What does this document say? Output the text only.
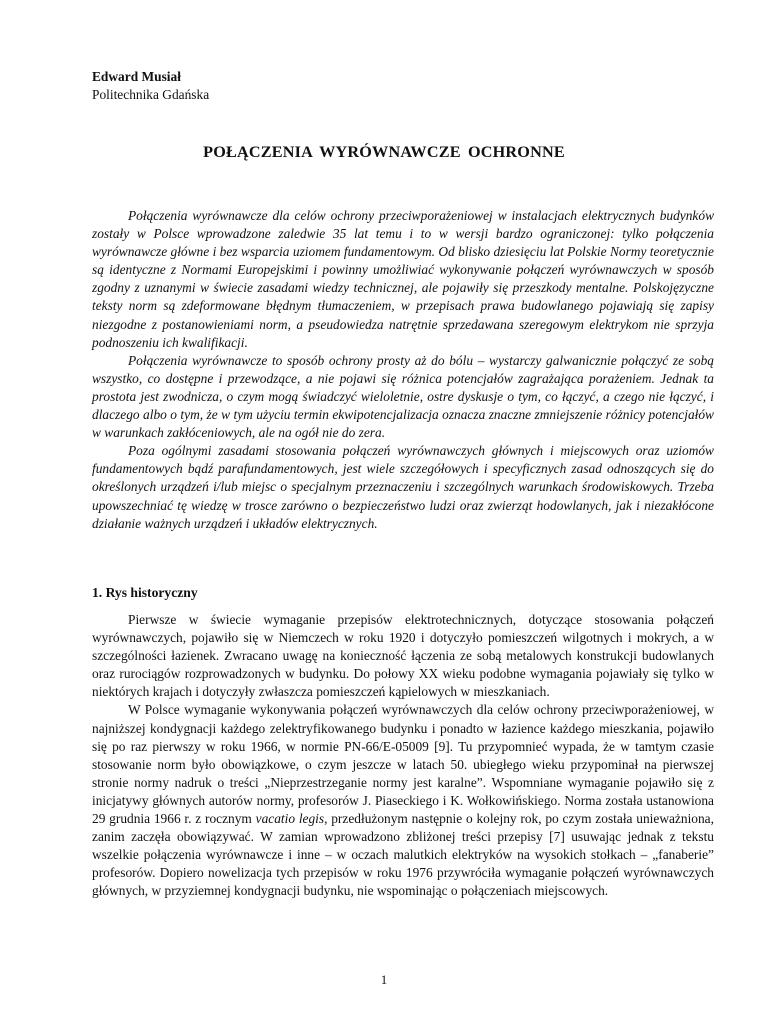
Edward Musiał
Politechnika Gdańska
POŁĄCZENIA WYRÓWNAWCZE OCHRONNE

Połączenia wyrównawcze dla celów ochrony przeciwporażeniowej w instalacjach elektrycznych budynków zostały w Polsce wprowadzone zaledwie 35 lat temu i to w wersji bardzo ograniczonej: tylko połączenia wyrównawcze główne i bez wsparcia uziomem fundamentowym. Od blisko dziesięciu lat Polskie Normy teoretycznie są identyczne z Normami Europejskimi i powinny umożliwiać wykonywanie połączeń wyrównawczych w sposób zgodny z uznanymi w świecie zasadami wiedzy technicznej, ale pojawiły się przeszkody mentalne. Polskojęzyczne teksty norm są zdeformowane błędnym tłumaczeniem, w przepisach prawa budowlanego pojawiają się zapisy niezgodne z postanowieniami norm, a pseudowiedza natrętnie sprzedawana szeregowym elektrykom nie sprzyja podnoszeniu ich kwalifikacji.

Połączenia wyrównawcze to sposób ochrony prosty aż do bólu – wystarczy galwanicznie połączyć ze sobą wszystko, co dostępne i przewodzące, a nie pojawi się różnica potencjałów zagrażająca porażeniem. Jednak ta prostota jest zwodnicza, o czym mogą świadczyć wieloletnie, ostre dyskusje o tym, co łączyć, a czego nie łączyć, i dlaczego albo o tym, że w tym użyciu termin ekwipotencjalizacja oznacza znaczne zmniejszenie różnicy potencjałów w warunkach zakłóceniowych, ale na ogół nie do zera.

Poza ogólnymi zasadami stosowania połączeń wyrównawczych głównych i miejscowych oraz uziomów fundamentowych bądź parafundamentowych, jest wiele szczegółowych i specyficznych zasad odnoszących się do określonych urządzeń i/lub miejsc o specjalnym przeznaczeniu i szczególnych warunkach środowiskowych. Trzeba upowszechniać tę wiedzę w trosce zarówno o bezpieczeństwo ludzi oraz zwierząt hodowlanych, jak i niezakłócone działanie ważnych urządzeń i układów elektrycznych.

1. Rys historyczny

Pierwsze w świecie wymaganie przepisów elektrotechnicznych, dotyczące stosowania połączeń wyrównawczych, pojawiło się w Niemczech w roku 1920 i dotyczyło pomieszczeń wilgotnych i mokrych, a w szczególności łazienek. Zwracano uwagę na konieczność łączenia ze sobą metalowych konstrukcji budowlanych oraz rurociągów rozprowadzonych w budynku. Do połowy XX wieku podobne wymagania pojawiały się tylko w niektórych krajach i dotyczyły zwłaszcza pomieszczeń kąpielowych w mieszkaniach.

W Polsce wymaganie wykonywania połączeń wyrównawczych dla celów ochrony przeciwporażeniowej, w najniższej kondygnacji każdego zelektryfikowanego budynku i ponadto w łazience każdego mieszkania, pojawiło się po raz pierwszy w roku 1966, w normie PN-66/E-05009 [9]. Tu przypomnieć wypada, że w tamtym czasie stosowanie norm było obowiązkowe, o czym jeszcze w latach 50. ubiegłego wieku przypominał na pierwszej stronie normy nadruk o treści „Nieprzestrzeganie normy jest karalne”. Wspomniane wymaganie pojawiło się z inicjatywy głównych autorów normy, profesorów J. Piaseckiego i K. Wołkowińskiego. Norma została ustanowiona 29 grudnia 1966 r. z rocznym vacatio legis, przedłużonym następnie o kolejny rok, po czym została unieważniona, zanim zaczęła obowiązywać. W zamian wprowadzono zbliżonej treści przepisy [7] usuwając jednak z tekstu wszelkie połączenia wyrównawcze i inne – w oczach malutkich elektryków na wysokich stołkach – „fanaberie” profesorów. Dopiero nowelizacja tych przepisów w roku 1976 przywróciła wymaganie połączeń wyrównawczych głównych, w przyziemnej kondygnacji budynku, nie wspominając o połączeniach miejscowych.

1
